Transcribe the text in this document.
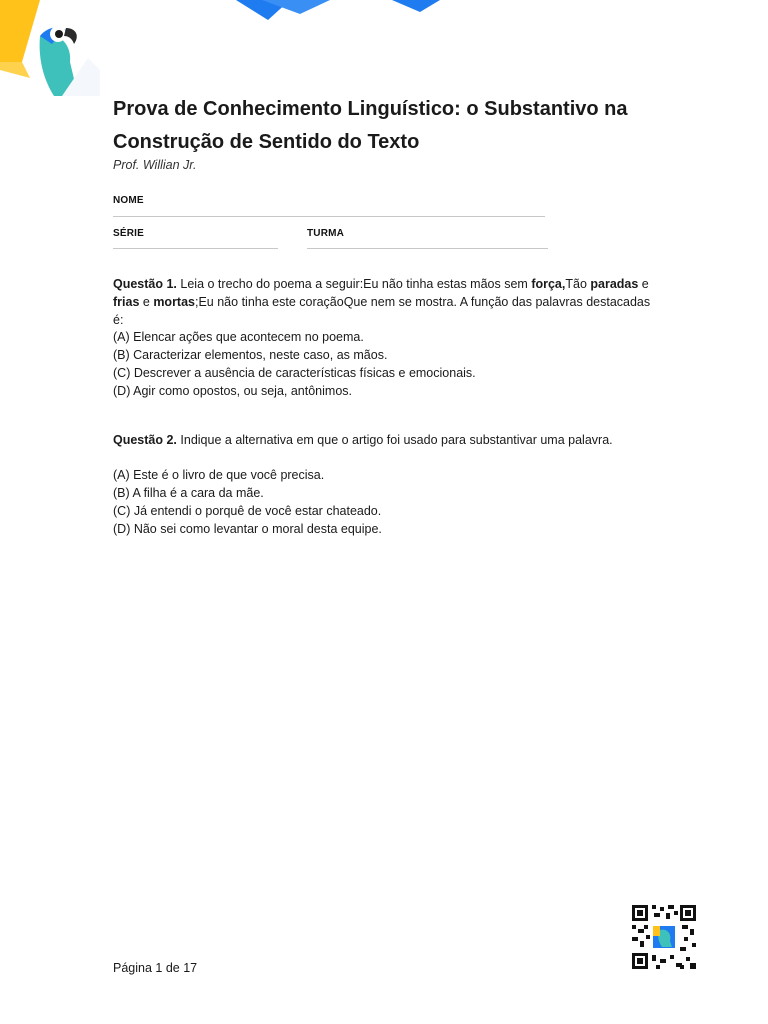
Prova de Conhecimento Linguístico: o Substantivo na Construção de Sentido do Texto
Prof. Willian Jr.
NOME
SÉRIE	TURMA
Questão 1. Leia o trecho do poema a seguir:Eu não tinha estas mãos sem força,Tão paradas e frias e mortas;Eu não tinha este coraçãoQue nem se mostra. A função das palavras destacadas é:
(A) Elencar ações que acontecem no poema.
(B) Caracterizar elementos, neste caso, as mãos.
(C) Descrever a ausência de características físicas e emocionais.
(D) Agir como opostos, ou seja, antônimos.
Questão 2. Indique a alternativa em que o artigo foi usado para substantivar uma palavra.
(A) Este é o livro de que você precisa.
(B) A filha é a cara da mãe.
(C) Já entendi o porquê de você estar chateado.
(D) Não sei como levantar o moral desta equipe.
Página 1 de 17
